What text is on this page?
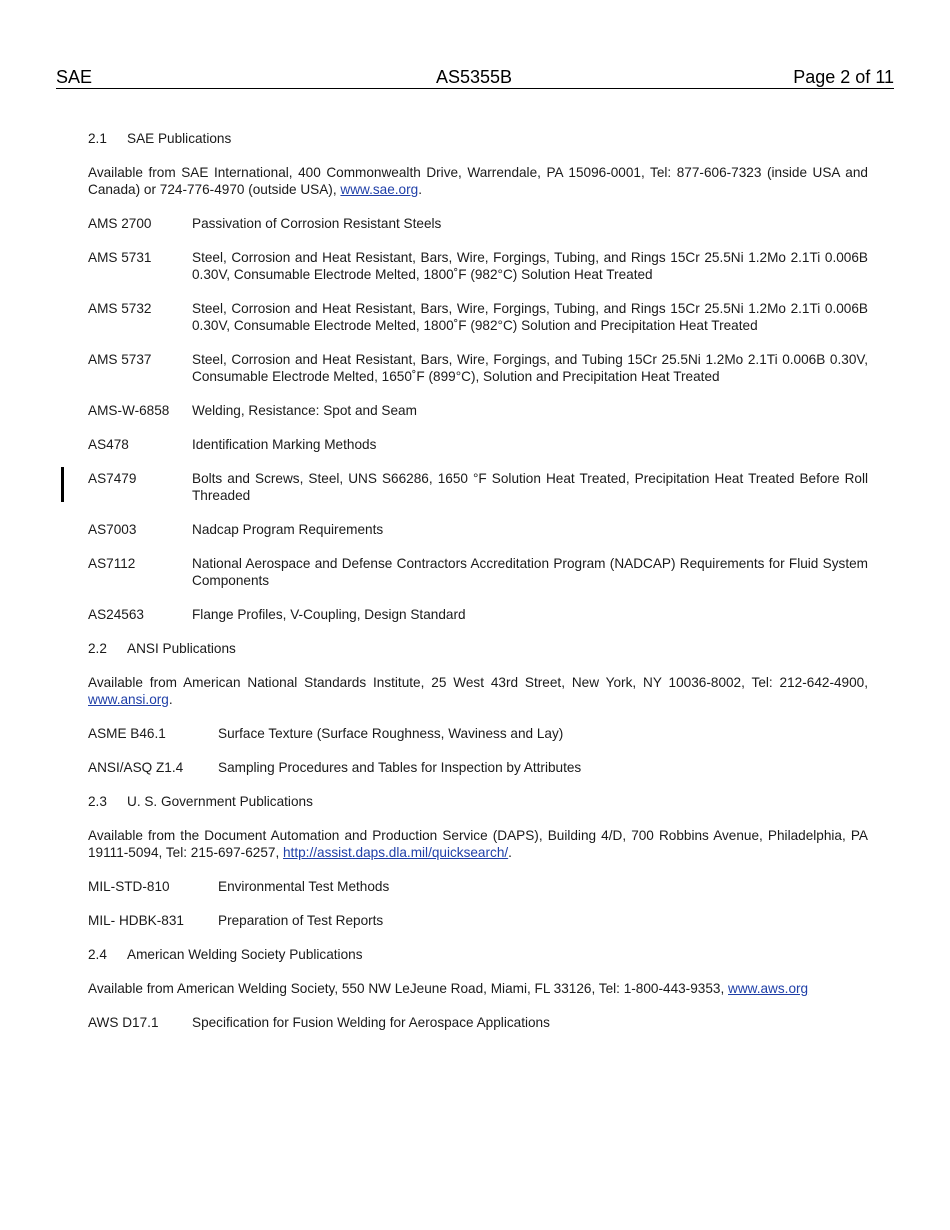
SAE	AS5355B	Page 2 of 11

2.1 SAE Publications

Available from SAE International, 400 Commonwealth Drive, Warrendale, PA 15096-0001, Tel: 877-606-7323 (inside USA and Canada) or 724-776-4970 (outside USA), www.sae.org.

AMS 2700	Passivation of Corrosion Resistant Steels
AMS 5731	Steel, Corrosion and Heat Resistant, Bars, Wire, Forgings, Tubing, and Rings 15Cr 25.5Ni 1.2Mo 2.1Ti 0.006B 0.30V, Consumable Electrode Melted, 1800˚F (982°C) Solution Heat Treated
AMS 5732	Steel, Corrosion and Heat Resistant, Bars, Wire, Forgings, Tubing, and Rings 15Cr 25.5Ni 1.2Mo 2.1Ti 0.006B 0.30V, Consumable Electrode Melted, 1800˚F (982°C) Solution and Precipitation Heat Treated
AMS 5737	Steel, Corrosion and Heat Resistant, Bars, Wire, Forgings, and Tubing 15Cr 25.5Ni 1.2Mo 2.1Ti 0.006B 0.30V, Consumable Electrode Melted, 1650˚F (899°C), Solution and Precipitation Heat Treated
AMS-W-6858	Welding, Resistance: Spot and Seam
AS478	Identification Marking Methods
AS7479	Bolts and Screws, Steel, UNS S66286, 1650 °F Solution Heat Treated, Precipitation Heat Treated Before Roll Threaded
AS7003	Nadcap Program Requirements
AS7112	National Aerospace and Defense Contractors Accreditation Program (NADCAP) Requirements for Fluid System Components
AS24563	Flange Profiles, V-Coupling, Design Standard

2.2 ANSI Publications

Available from American National Standards Institute, 25 West 43rd Street, New York, NY 10036-8002, Tel: 212-642-4900, www.ansi.org.

ASME B46.1	Surface Texture (Surface Roughness, Waviness and Lay)
ANSI/ASQ Z1.4	Sampling Procedures and Tables for Inspection by Attributes

2.3 U. S. Government Publications

Available from the Document Automation and Production Service (DAPS), Building 4/D, 700 Robbins Avenue, Philadelphia, PA 19111-5094, Tel: 215-697-6257, http://assist.daps.dla.mil/quicksearch/.

MIL-STD-810	Environmental Test Methods
MIL- HDBK-831	Preparation of Test Reports

2.4 American Welding Society Publications

Available from American Welding Society, 550 NW LeJeune Road, Miami, FL 33126, Tel: 1-800-443-9353, www.aws.org

AWS D17.1	Specification for Fusion Welding for Aerospace Applications
